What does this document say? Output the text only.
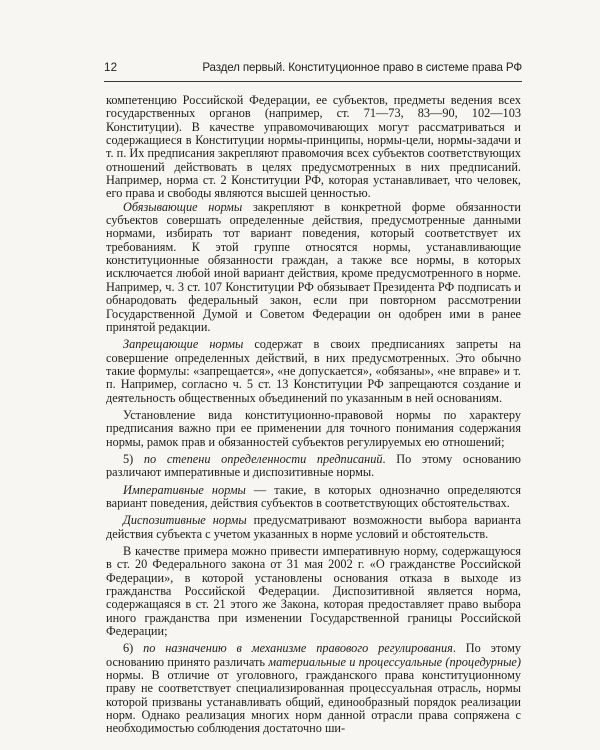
12	Раздел первый. Конституционное право в системе права РФ

компетенцию Российской Федерации, ее субъектов, предметы ведения всех государственных органов (например, ст. 71—73, 83—90, 102—103 Конституции). В качестве управомочивающих могут рассматриваться и содержащиеся в Конституции нормы-принципы, нормы-цели, нормы-задачи и т. п. Их предписания закрепляют правомочия всех субъектов соответствующих отношений действовать в целях предусмотренных в них предписаний. Например, норма ст. 2 Конституции РФ, которая устанавливает, что человек, его права и свободы являются высшей ценностью.

Обязывающие нормы закрепляют в конкретной форме обязанности субъектов совершать определенные действия, предусмотренные данными нормами, избирать тот вариант поведения, который соответствует их требованиям. К этой группе относятся нормы, устанавливающие конституционные обязанности граждан, а также все нормы, в которых исключается любой иной вариант действия, кроме предусмотренного в норме. Например, ч. 3 ст. 107 Конституции РФ обязывает Президента РФ подписать и обнародовать федеральный закон, если при повторном рассмотрении Государственной Думой и Советом Федерации он одобрен ими в ранее принятой редакции.

Запрещающие нормы содержат в своих предписаниях запреты на совершение определенных действий, в них предусмотренных. Это обычно такие формулы: «запрещается», «не допускается», «обязаны», «не вправе» и т. п. Например, согласно ч. 5 ст. 13 Конституции РФ запрещаются создание и деятельность общественных объединений по указанным в ней основаниям.

Установление вида конституционно-правовой нормы по характеру предписания важно при ее применении для точного понимания содержания нормы, рамок прав и обязанностей субъектов регулируемых ею отношений;

5) по степени определенности предписаний. По этому основанию различают императивные и диспозитивные нормы.

Императивные нормы — такие, в которых однозначно определяются вариант поведения, действия субъектов в соответствующих обстоятельствах.

Диспозитивные нормы предусматривают возможности выбора варианта действия субъекта с учетом указанных в норме условий и обстоятельств.

В качестве примера можно привести императивную норму, содержащуюся в ст. 20 Федерального закона от 31 мая 2002 г. «О гражданстве Российской Федерации», в которой установлены основания отказа в выходе из гражданства Российской Федерации. Диспозитивной является норма, содержащаяся в ст. 21 этого же Закона, которая предоставляет право выбора иного гражданства при изменении Государственной границы Российской Федерации;

6) по назначению в механизме правового регулирования. По этому основанию принято различать материальные и процессуальные (процедурные) нормы. В отличие от уголовного, гражданского права конституционному праву не соответствует специализированная процессуальная отрасль, нормы которой призваны устанавливать общий, единообразный порядок реализации норм. Однако реализация многих норм данной отрасли права сопряжена с необходимостью соблюдения достаточно ши-
